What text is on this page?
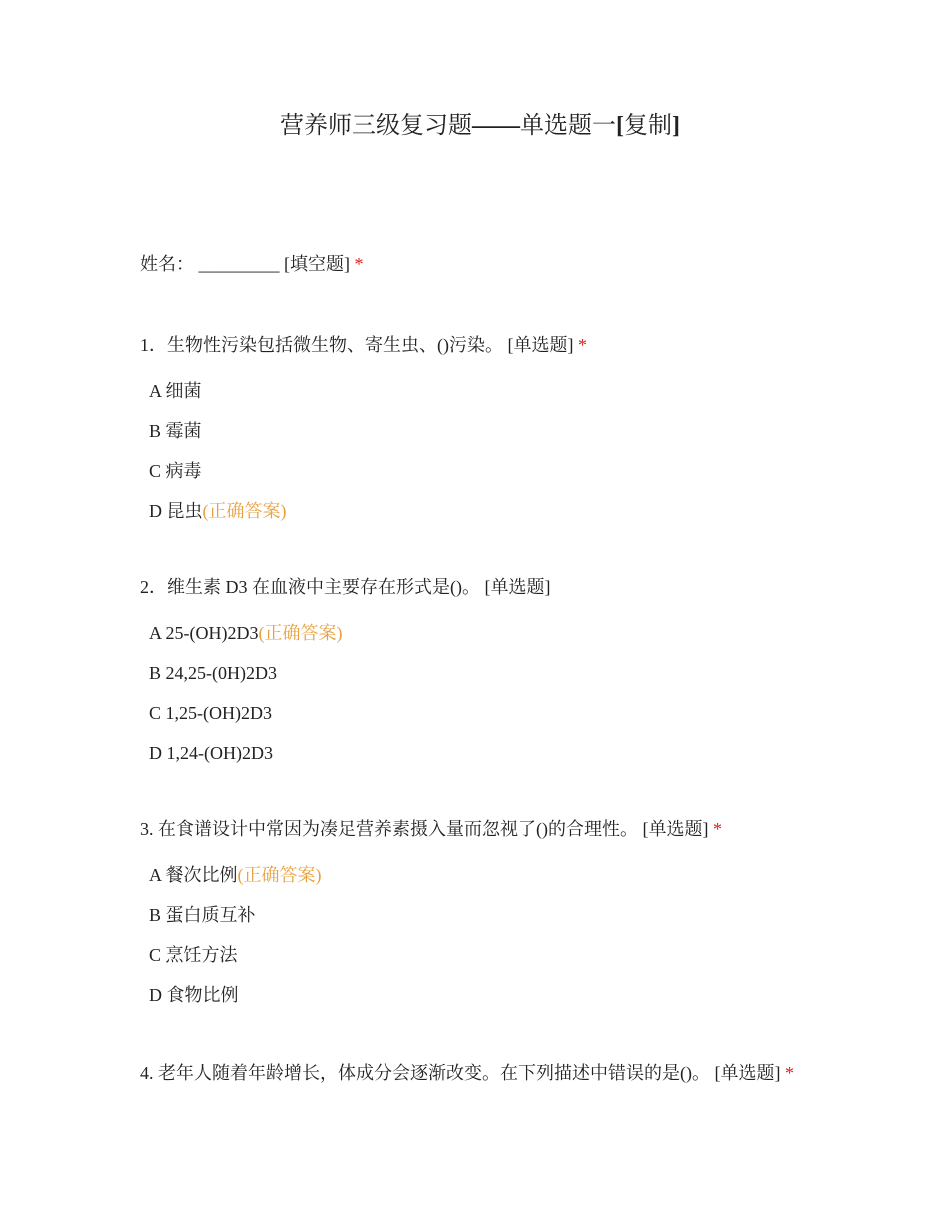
营养师三级复习题——单选题一[复制]
姓名： _________ [填空题] *
1．生物性污染包括微生物、寄生虫、()污染。 [单选题] *
A 细菌
B 霉菌
C 病毒
D 昆虫(正确答案)
2．维生素 D3 在血液中主要存在形式是()。 [单选题]
A 25-(OH)2D3(正确答案)
B 24,25-(0H)2D3
C 1,25-(OH)2D3
D 1,24-(OH)2D3
3. 在食谱设计中常因为凑足营养素摄入量而忽视了()的合理性。 [单选题] *
A 餐次比例(正确答案)
B 蛋白质互补
C 烹饪方法
D 食物比例
4. 老年人随着年龄增长，体成分会逐渐改变。在下列描述中错误的是()。 [单选题] *
